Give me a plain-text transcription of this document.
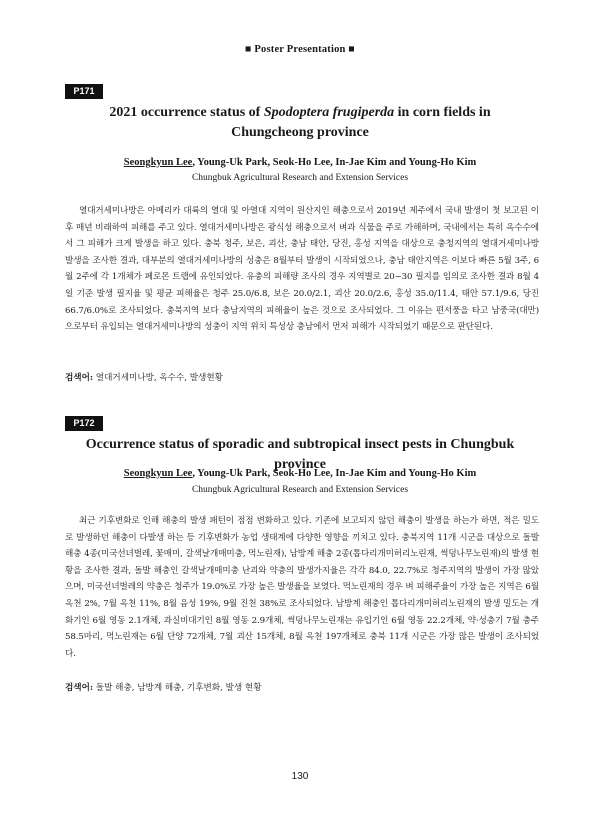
■ Poster Presentation ■
P171
2021 occurrence status of Spodoptera frugiperda in corn fields in Chungcheong province
Seongkyun Lee, Young-Uk Park, Seok-Ho Lee, In-Jae Kim and Young-Ho Kim
Chungbuk Agricultural Research and Extension Services

열대거세미나방은 아메리카 대륙의 열대 및 아열대 지역이 원산지인 해충으로서 2019년 제주에서 국내 발생이 첫 보고된 이후 매년 비래하여 피해를 주고 있다. 열대거세미나방은 광식성 해충으로서 벼과 식물을 주로 가해하며, 국내에서는 특히 옥수수에서 그 피해가 크게 발생을 하고 있다. 충북 청주, 보은, 괴산, 충남 태안, 당진, 홍성 지역을 대상으로 충청지역의 열대거세미나방 발생을 조사한 결과, 대부분의 열대거세미나방의 성충은 8월부터 발생이 시작되었으나, 충남 태안지역은 이보다 빠른 5월 3주, 6월 2주에 각 1개체가 페로몬 트랩에 유인되었다. 유충의 피해량 조사의 경우 지역별로 20~30 필지를 임의로 조사한 결과 8월 4일 기준 발생 필지율 및 평균 피해율은 청주 25.0/6.8, 보은 20.0/2.1, 괴산 20.0/2.6, 홍성 35.0/11.4, 태안 57.1/9.6, 당진 66.7/6.0%로 조사되었다. 충북지역 보다 충남지역의 피해율이 높은 것으로 조사되었다. 그 이유는 편서풍을 타고 남중국(대만)으로부터 유입되는 열대거세미나방의 성충이 지역 위치 특성상 충남에서 먼저 피해가 시작되었기 때문으로 판단된다.

검색어: 열대거세미나방, 옥수수, 발생현황
P172
Occurrence status of sporadic and subtropical insect pests in Chungbuk province
Seongkyun Lee, Young-Uk Park, Seok-Ho Lee, In-Jae Kim and Young-Ho Kim
Chungbuk Agricultural Research and Extension Services

최근 기후변화로 인해 해충의 발생 패턴이 점점 변화하고 있다. 기존에 보고되지 않던 해충이 발생을 하는가 하면, 적은 밀도로 발생하던 해충이 다발생 하는 등 기후변화가 농업 생태계에 다양한 영향을 끼치고 있다. 충북지역 11개 시군을 대상으로 돌발 해충 4종(미국선녀벌레, 꽃매미, 갈색날개매미충, 먹노린재), 남방계 해충 2종(톱다리개미허리노린재, 썩덩나무노린재)의 발생 현황을 조사한 결과, 돌발 해충인 갈색날개매미충 난괴와 약충의 발생가지율은 각각 84.0, 22.7%로 청주지역의 발생이 가장 많았으며, 미국선녀벌레의 약충은 청주가 19.0%로 가장 높은 발생율을 보였다. 먹노린재의 경우 벼 피해주율이 가장 높은 지역은 6월 옥천 2%, 7월 옥천 11%, 8월 음성 19%, 9월 진천 38%로 조사되었다. 남방계 해충인 톱다리개미허리노린재의 발생 밀도는 개화기인 6월 영동 2.1개체, 과실비대기인 8월 영동 2.9개체, 썩덩나무노린재는 유입기인 6월 영동 22.2개체, 약·성충기 7월 충주 58.5마리, 먹노린재는 6월 단양 72개체, 7월 괴산 15개체, 8월 옥천 197개체로 충북 11개 시군은 가장 많은 발생이 조사되었다.

검색어: 돌발 해충, 남방계 해충, 기후변화, 발생 현황
130
